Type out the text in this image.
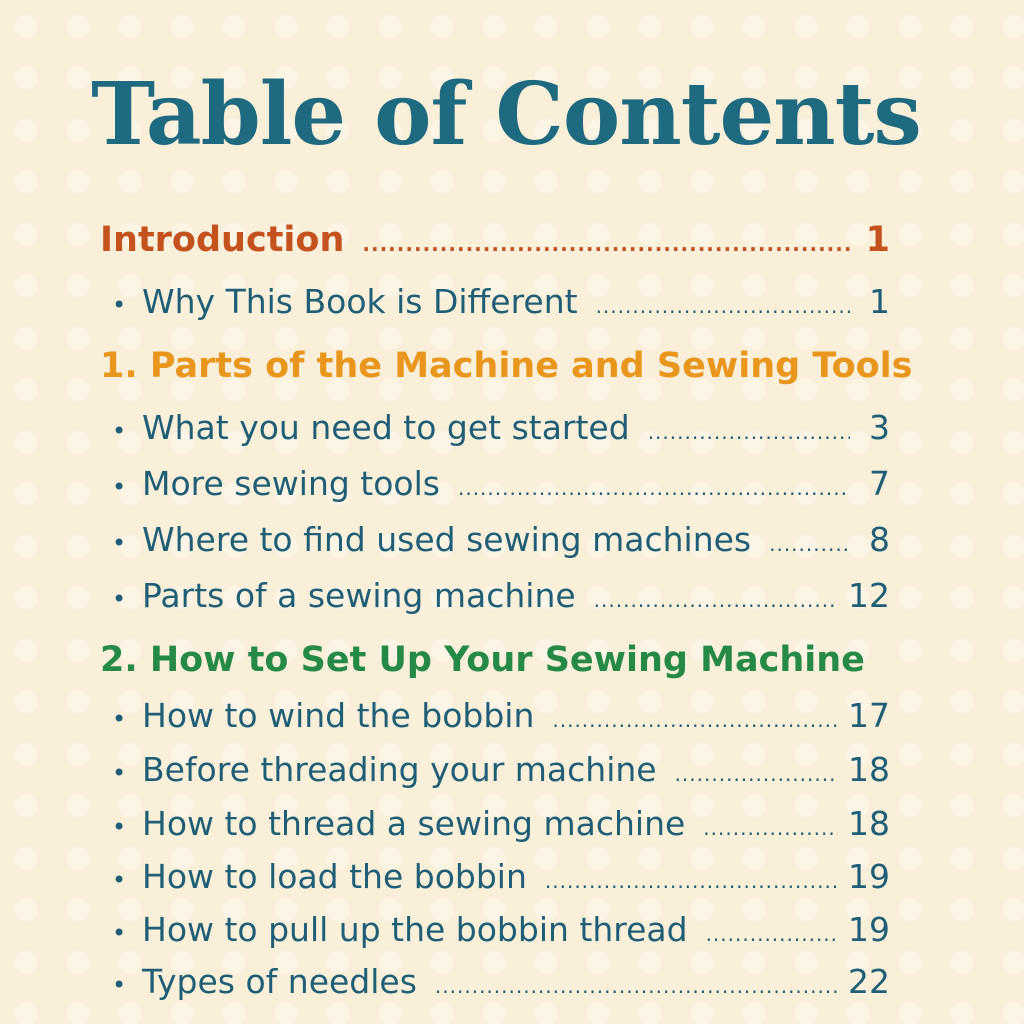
Table of Contents
Introduction .....	1
• Why This Book is Different .....	1
1. Parts of the Machine and Sewing Tools
• What you need to get started .....	3
• More sewing tools .....	7
• Where to find used sewing machines .....	8
• Parts of a sewing machine .....	12
2. How to Set Up Your Sewing Machine
• How to wind the bobbin .....	17
• Before threading your machine .....	18
• How to thread a sewing machine .....	18
• How to load the bobbin .....	19
• How to pull up the bobbin thread .....	19
• Types of needles .....	22
